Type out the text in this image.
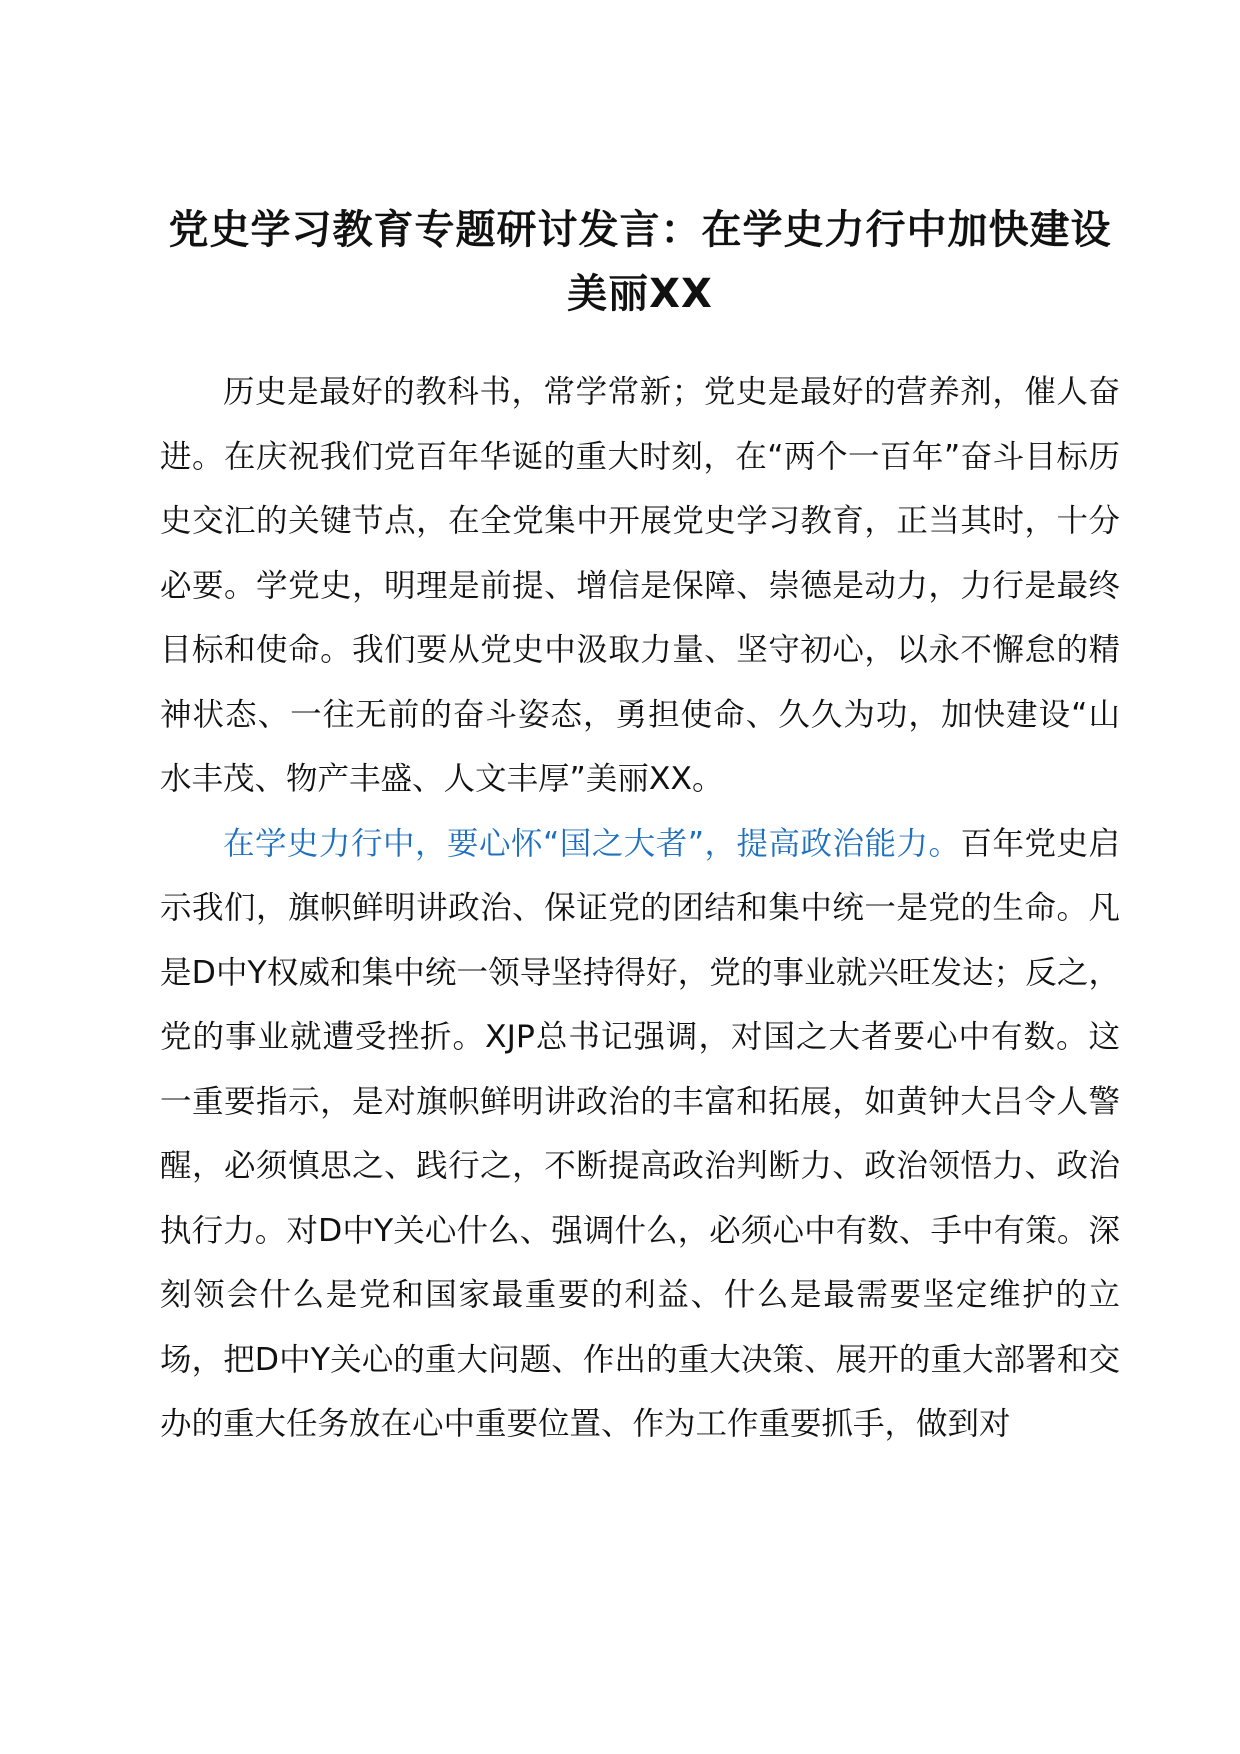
党史学习教育专题研讨发言：在学史力行中加快建设美丽XX

历史是最好的教科书，常学常新；党史是最好的营养剂，催人奋进。在庆祝我们党百年华诞的重大时刻，在“两个一百年”奋斗目标历史交汇的关键节点，在全党集中开展党史学习教育，正当其时，十分必要。学党史，明理是前提、增信是保障、崇德是动力，力行是最终目标和使命。我们要从党史中汲取力量、坚守初心，以永不懈怠的精神状态、一往无前的奋斗姿态，勇担使命、久久为功，加快建设“山水丰茂、物产丰盛、人文丰厚”美丽XX。

在学史力行中，要心怀“国之大者”，提高政治能力。百年党史启示我们，旗帜鲜明讲政治、保证党的团结和集中统一是党的生命。凡是D中Y权威和集中统一领导坚持得好，党的事业就兴旺发达；反之，党的事业就遭受挫折。XJP总书记强调，对国之大者要心中有数。这一重要指示，是对旗帜鲜明讲政治的丰富和拓展，如黄钟大吕令人警醒，必须慎思之、践行之，不断提高政治判断力、政治领悟力、政治执行力。对D中Y关心什么、强调什么，必须心中有数、手中有策。深刻领会什么是党和国家最重要的利益、什么是最需要坚定维护的立场，把D中Y关心的重大问题、作出的重大决策、展开的重大部署和交办的重大任务放在心中重要位置、作为工作重要抓手，做到对
